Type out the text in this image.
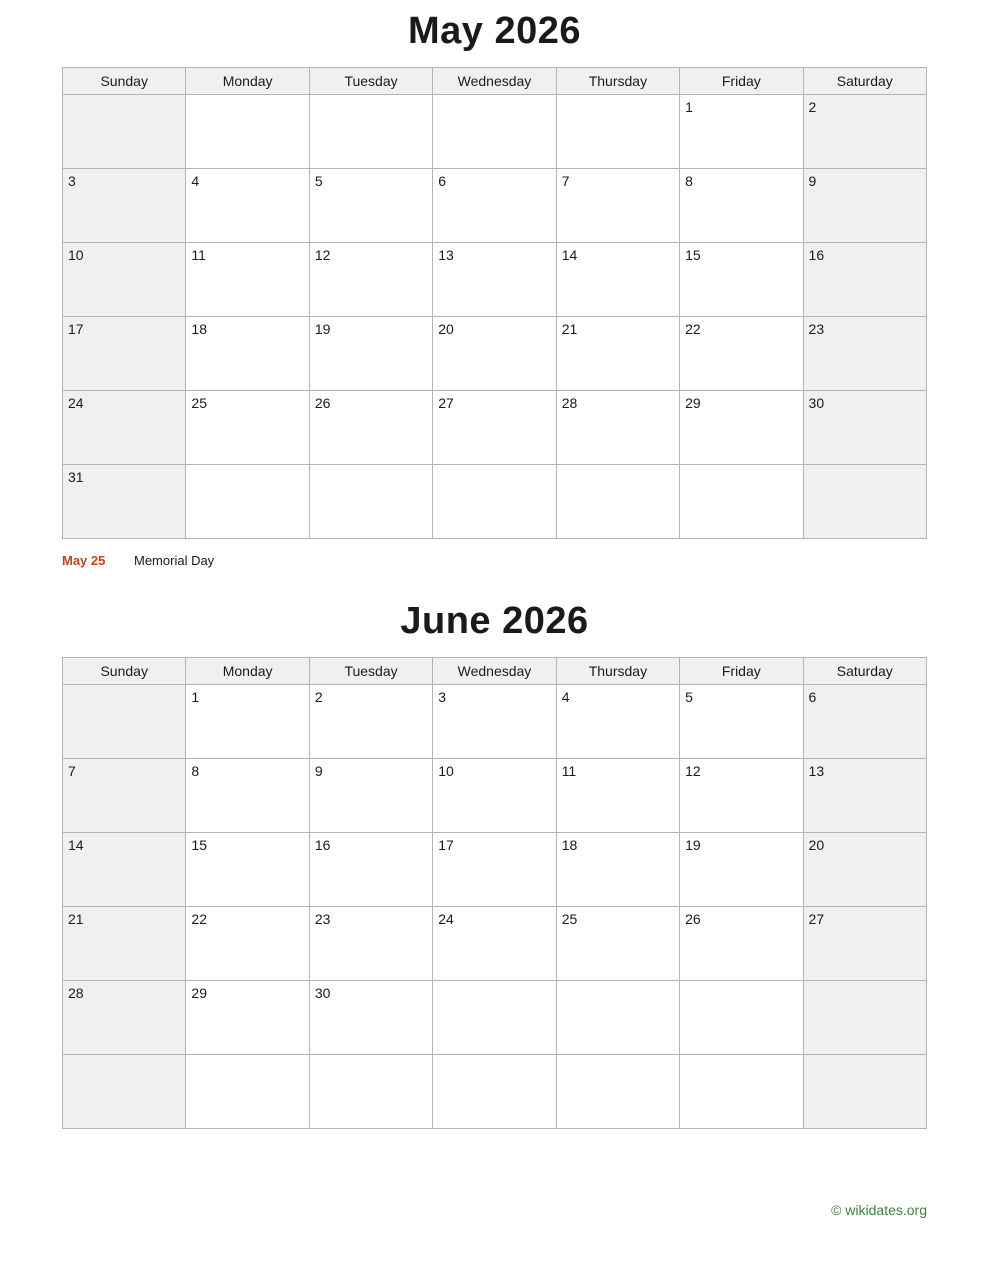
May 2026
Sunday	Monday	Tuesday	Wednesday	Thursday	Friday	Saturday
					1	2
3	4	5	6	7	8	9
10	11	12	13	14	15	16
17	18	19	20	21	22	23
24	25	26	27	28	29	30
31						
May 25	Memorial Day
June 2026
Sunday	Monday	Tuesday	Wednesday	Thursday	Friday	Saturday
	1	2	3	4	5	6
7	8	9	10	11	12	13
14	15	16	17	18	19	20
21	22	23	24	25	26	27
28	29	30				

© wikidates.org
